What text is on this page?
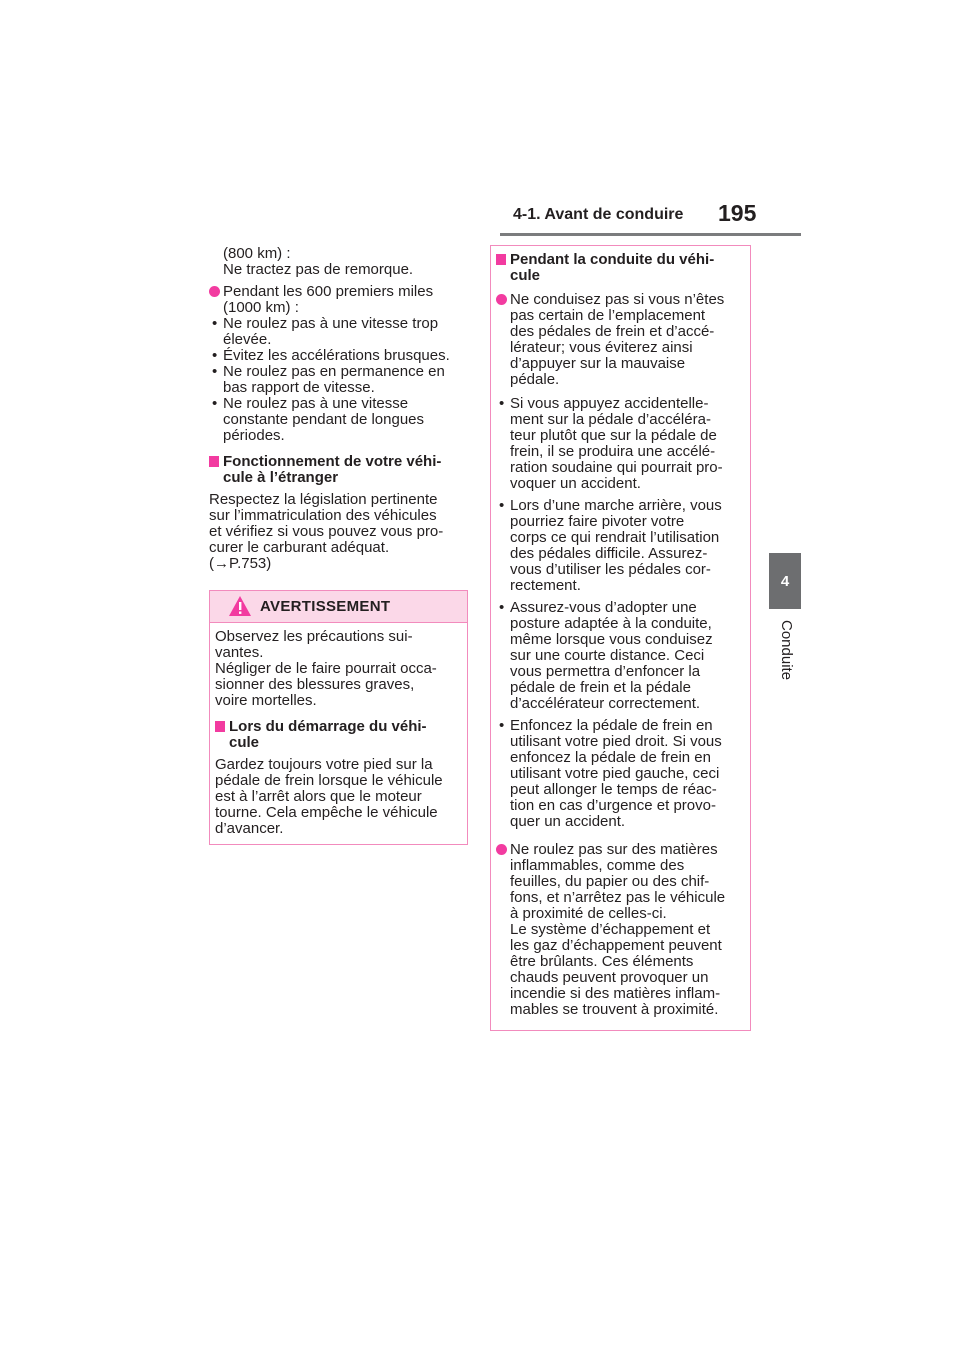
4-1. Avant de conduire 195
4
Conduite

(800 km) :

Ne tractez pas de remorque.

Pendant les 600 premiers miles

(1000 km) :

• Ne roulez pas à une vitesse trop

élevée.

• Évitez les accélérations brusques.

• Ne roulez pas en permanence en

bas rapport de vitesse.

• Ne roulez pas à une vitesse

constante pendant de longues

périodes.

Fonctionnement de votre véhi-

cule à l’étranger

Respectez la législation pertinente

sur l’immatriculation des véhicules

et vérifiez si vous pouvez vous pro-

curer le carburant adéquat.

(→P.753)

AVERTISSEMENT

Observez les précautions sui-

vantes.

Négliger de le faire pourrait occa-

sionner des blessures graves,

voire mortelles.

Lors du démarrage du véhi-

cule

Gardez toujours votre pied sur la

pédale de frein lorsque le véhicule

est à l’arrêt alors que le moteur

tourne. Cela empêche le véhicule

d’avancer.

Pendant la conduite du véhi-

cule

Ne conduisez pas si vous n’êtes

pas certain de l’emplacement

des pédales de frein et d’accé-

lérateur; vous éviterez ainsi

d’appuyer sur la mauvaise

pédale.

• Si vous appuyez accidentelle-

ment sur la pédale d’accéléra-

teur plutôt que sur la pédale de

frein, il se produira une accélé-

ration soudaine qui pourrait pro-

voquer un accident.

• Lors d’une marche arrière, vous

pourriez faire pivoter votre

corps ce qui rendrait l’utilisation

des pédales difficile. Assurez-

vous d’utiliser les pédales cor-

rectement.

• Assurez-vous d’adopter une

posture adaptée à la conduite,

même lorsque vous conduisez

sur une courte distance. Ceci

vous permettra d’enfoncer la

pédale de frein et la pédale

d’accélérateur correctement.

• Enfoncez la pédale de frein en

utilisant votre pied droit. Si vous

enfoncez la pédale de frein en

utilisant votre pied gauche, ceci

peut allonger le temps de réac-

tion en cas d’urgence et provo-

quer un accident.

Ne roulez pas sur des matières

inflammables, comme des

feuilles, du papier ou des chif-

fons, et n’arrêtez pas le véhicule

à proximité de celles-ci.

Le système d’échappement et

les gaz d’échappement peuvent

être brûlants. Ces éléments

chauds peuvent provoquer un

incendie si des matières inflam-

mables se trouvent à proximité.
